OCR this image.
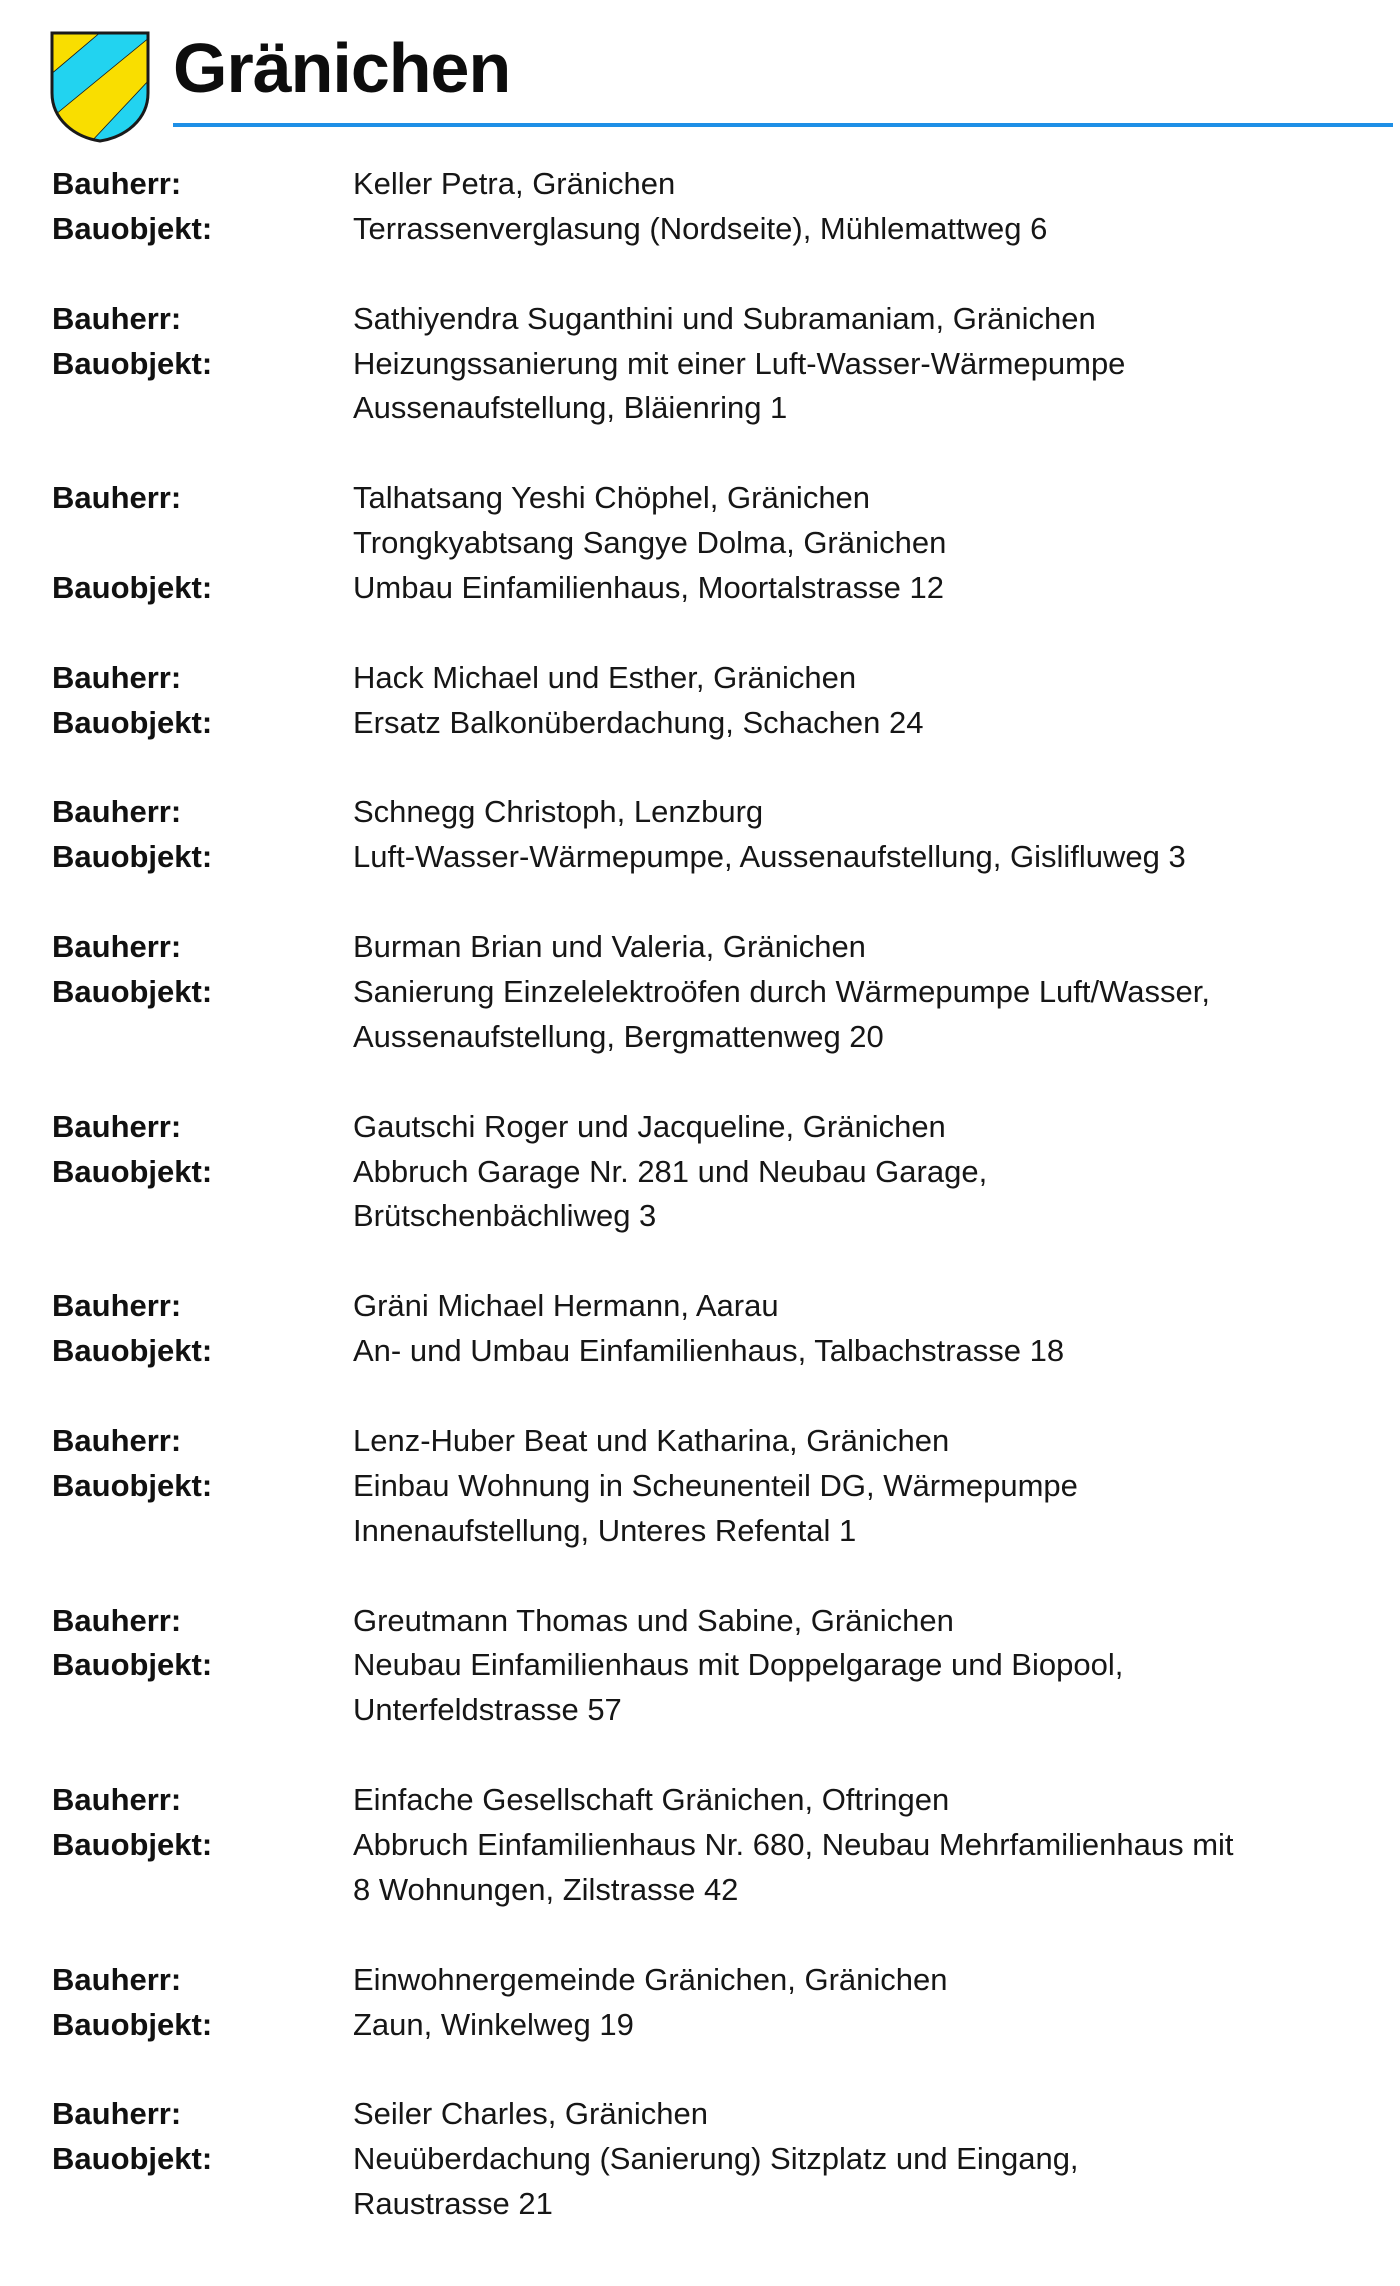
Gränichen
Bauherr:	Keller Petra, Gränichen
Bauobjekt:	Terrassenverglasung (Nordseite), Mühlemattweg 6
Bauherr:	Sathiyendra Suganthini und Subramaniam, Gränichen
Bauobjekt:	Heizungssanierung mit einer Luft-Wasser-Wärmepumpe
Aussenaufstellung, Bläienring 1
Bauherr:	Talhatsang Yeshi Chöphel, Gränichen
Trongkyabtsang Sangye Dolma, Gränichen
Bauobjekt:	Umbau Einfamilienhaus, Moortalstrasse 12
Bauherr:	Hack Michael und Esther, Gränichen
Bauobjekt:	Ersatz Balkonüberdachung, Schachen 24
Bauherr:	Schnegg Christoph, Lenzburg
Bauobjekt:	Luft-Wasser-Wärmepumpe, Aussenaufstellung, Gislifluweg 3
Bauherr:	Burman Brian und Valeria, Gränichen
Bauobjekt:	Sanierung Einzelelektroöfen durch Wärmepumpe Luft/Wasser,
Aussenaufstellung, Bergmattenweg 20
Bauherr:	Gautschi Roger und Jacqueline, Gränichen
Bauobjekt:	Abbruch Garage Nr. 281 und Neubau Garage,
Brütschenbächliweg 3
Bauherr:	Gräni Michael Hermann, Aarau
Bauobjekt:	An- und Umbau Einfamilienhaus, Talbachstrasse 18
Bauherr:	Lenz-Huber Beat und Katharina, Gränichen
Bauobjekt:	Einbau Wohnung in Scheunenteil DG, Wärmepumpe
Innenaufstellung, Unteres Refental 1
Bauherr:	Greutmann Thomas und Sabine, Gränichen
Bauobjekt:	Neubau Einfamilienhaus mit Doppelgarage und Biopool,
Unterfeldstrasse 57
Bauherr:	Einfache Gesellschaft Gränichen, Oftringen
Bauobjekt:	Abbruch Einfamilienhaus Nr. 680, Neubau Mehrfamilienhaus mit
8 Wohnungen, Zilstrasse 42
Bauherr:	Einwohnergemeinde Gränichen, Gränichen
Bauobjekt:	Zaun, Winkelweg 19
Bauherr:	Seiler Charles, Gränichen
Bauobjekt:	Neuüberdachung (Sanierung) Sitzplatz und Eingang,
Raustrasse 21
